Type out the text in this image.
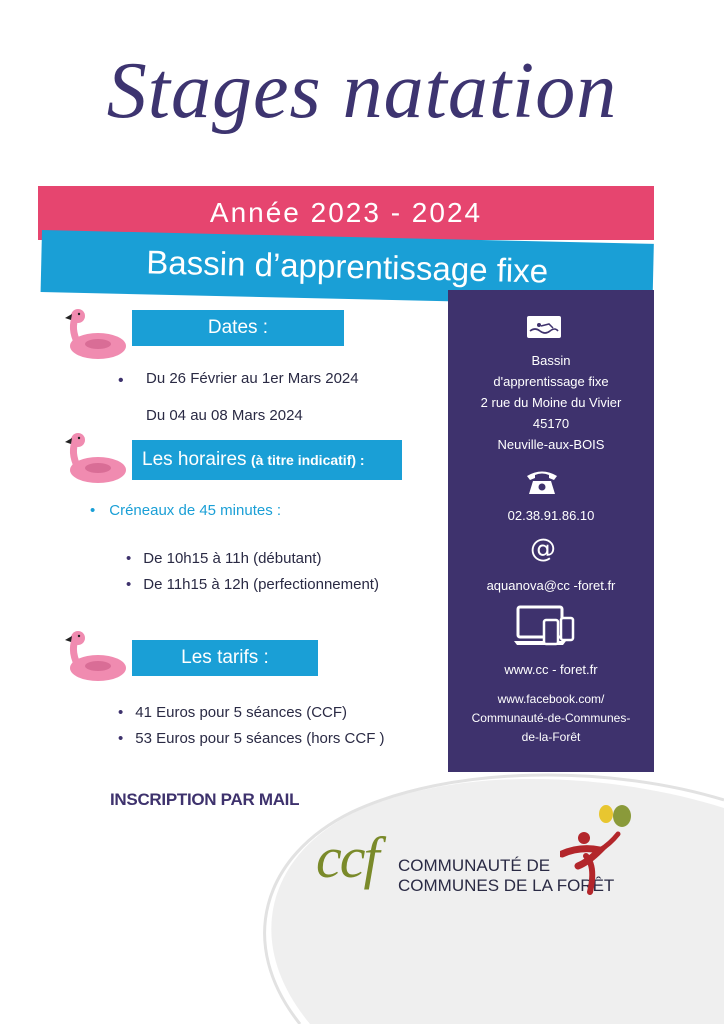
Stages natation
Année 2023 - 2024
Bassin d’apprentissage fixe
Bassin
d'apprentissage fixe
2 rue du Moine du Vivier
45170
Neuville-aux-BOIS
02.38.91.86.10
@
aquanova@cc -foret.fr
www.cc - foret.fr
www.facebook.com/
Communauté-de-Communes-
de-la-Forêt
Dates :
• Du 26 Février au 1er Mars 2024
Du 04 au 08 Mars 2024
Les horaires (à titre indicatif) :
• Créneaux de 45 minutes :
• De 10h15 à 11h (débutant)
• De 11h15 à 12h (perfectionnement)
Les tarifs :
• 41 Euros pour 5 séances (CCF)
• 53 Euros pour 5 séances (hors CCF )
INSCRIPTION PAR MAIL
ccf COMMUNAUTÉ DE
COMMUNES DE LA FORÊT
